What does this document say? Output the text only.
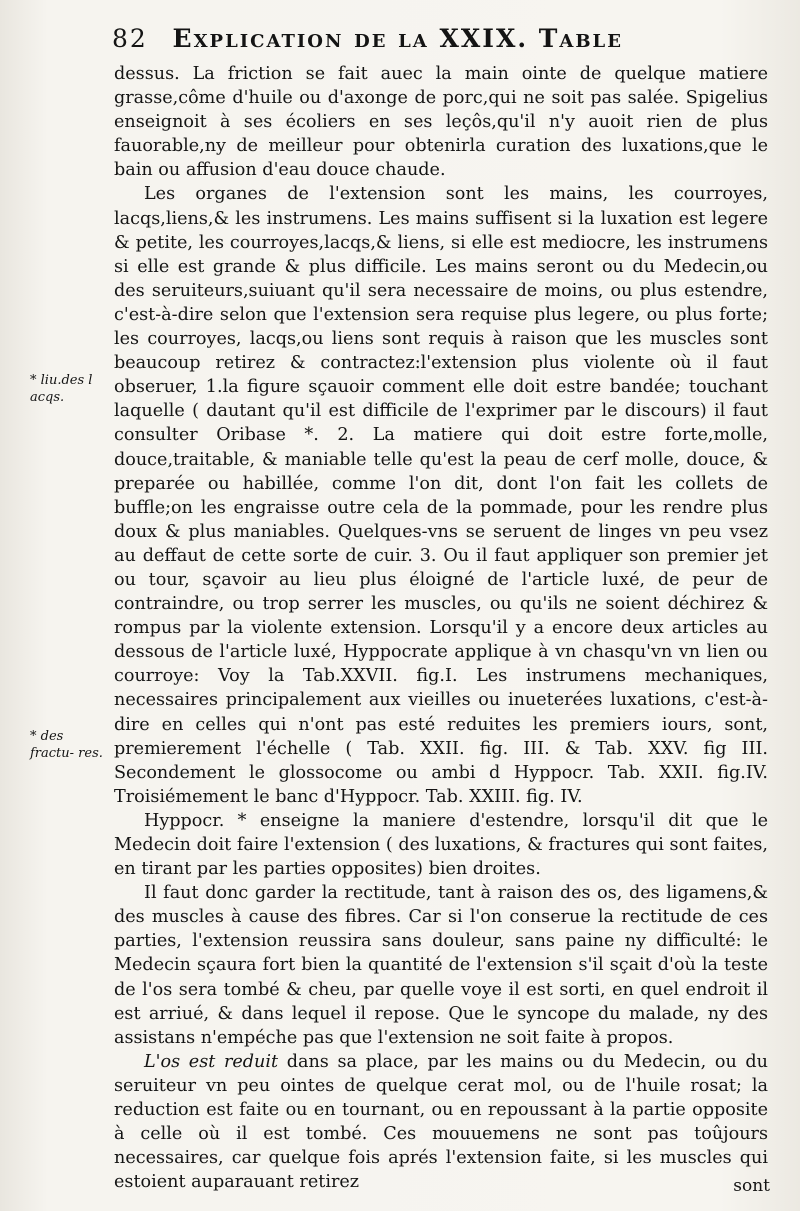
82 Explication de la XXIX. Table

dessus. La friction se fait auec la main ointe de quelque matiere grasse,côme d'huile ou d'axonge de porc,qui ne soit pas salée. Spigelius enseignoit à ses écoliers en ses leçôs,qu'il n'y auoit rien de plus fauorable,ny de meilleur pour obtenirla curation des luxations,que le bain ou affusion d'eau douce chaude.

Les organes de l'extension sont les mains, les courroyes, lacqs,liens,& les instrumens. Les mains suffisent si la luxation est legere & petite, les courroyes,lacqs,& liens, si elle est mediocre, les instrumens si elle est grande & plus difficile. Les mains seront ou du Medecin,ou des seruiteurs,suiuant qu'il sera necessaire de moins, ou plus estendre, c'est-à-dire selon que l'extension sera requise plus legere, ou plus forte; les courroyes, lacqs,ou liens sont requis à raison que les muscles sont beaucoup retirez & contractez:l'extension plus violente où il faut obseruer, 1.la figure sçauoir comment elle doit estre bandée; touchant laquelle ( dautant qu'il est difficile de l'exprimer par le discours) il faut consulter Oribase *. 2. La matiere qui doit estre forte,molle, douce,traitable, & maniable telle qu'est la peau de cerf molle, douce, & preparée ou habillée, comme l'on dit, dont l'on fait les collets de buffle;on les engraisse outre cela de la pommade, pour les rendre plus doux & plus maniables. Quelques-vns se seruent de linges vn peu vsez au deffaut de cette sorte de cuir. 3. Ou il faut appliquer son premier jet ou tour, sçavoir au lieu plus éloigné de l'article luxé, de peur de contraindre, ou trop serrer les muscles, ou qu'ils ne soient déchirez & rompus par la violente extension. Lorsqu'il y a encore deux articles au dessous de l'article luxé, Hyppocrate applique à vn chasqu'vn vn lien ou courroye: Voy la Tab.XXVII. fig.I. Les instrumens mechaniques, necessaires principalement aux vieilles ou inueterées luxations, c'est-à-dire en celles qui n'ont pas esté reduites les premiers iours, sont, premierement l'échelle ( Tab. XXII. fig. III. & Tab. XXV. fig III. Secondement le glossocome ou ambi d Hyppocr. Tab. XXII. fig.IV. Troisiémement le banc d'Hyppocr. Tab. XXIII. fig. IV.

Hyppocr. * enseigne la maniere d'estendre, lorsqu'il dit que le Medecin doit faire l'extension ( des luxations, & fractures qui sont faites, en tirant par les parties opposites) bien droites.

Il faut donc garder la rectitude, tant à raison des os, des ligamens,& des muscles à cause des fibres. Car si l'on conserue la rectitude de ces parties, l'extension reussira sans douleur, sans paine ny difficulté: le Medecin sçaura fort bien la quantité de l'extension s'il sçait d'où la teste de l'os sera tombé & cheu, par quelle voye il est sorti, en quel endroit il est arriué, & dans lequel il repose. Que le syncope du malade, ny des assistans n'empéche pas que l'extension ne soit faite à propos.

L'os est reduit dans sa place, par les mains ou du Medecin, ou du seruiteur vn peu ointes de quelque cerat mol, ou de l'huile rosat; la reduction est faite ou en tournant, ou en repoussant à la partie opposite à celle où il est tombé. Ces mouuemens ne sont pas toûjours necessaires, car quelque fois aprés l'extension faite, si les muscles qui estoient auparauant retirez

* liu.des l acqs.
* des fractu- res.
sont
